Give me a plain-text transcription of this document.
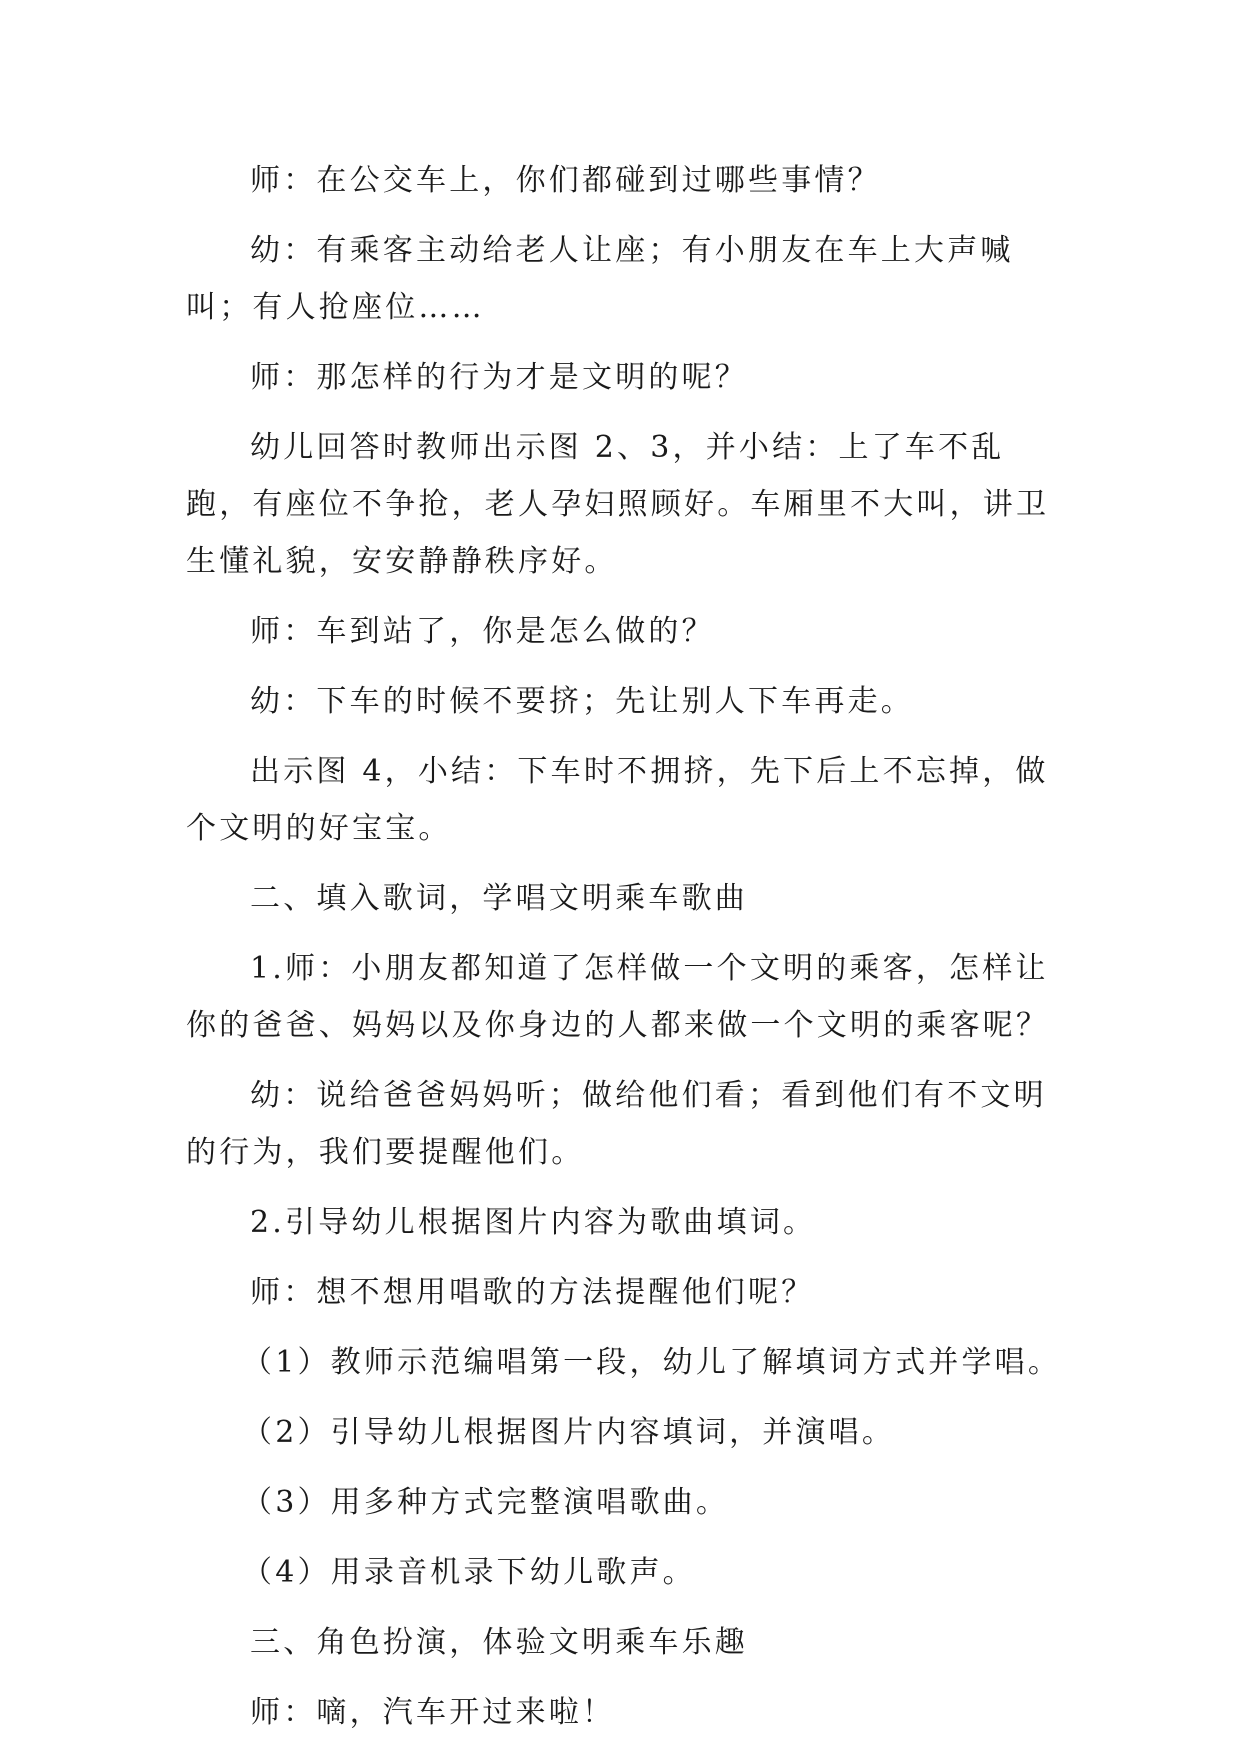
师：在公交车上，你们都碰到过哪些事情？

幼：有乘客主动给老人让座；有小朋友在车上大声喊叫；有人抢座位……

师：那怎样的行为才是文明的呢？

幼儿回答时教师出示图 2、3，并小结：上了车不乱跑，有座位不争抢，老人孕妇照顾好。车厢里不大叫，讲卫生懂礼貌，安安静静秩序好。

师：车到站了，你是怎么做的？

幼：下车的时候不要挤；先让别人下车再走。

出示图 4，小结：下车时不拥挤，先下后上不忘掉，做个文明的好宝宝。

二、填入歌词，学唱文明乘车歌曲

1.师：小朋友都知道了怎样做一个文明的乘客，怎样让你的爸爸、妈妈以及你身边的人都来做一个文明的乘客呢？

幼：说给爸爸妈妈听；做给他们看；看到他们有不文明的行为，我们要提醒他们。

2.引导幼儿根据图片内容为歌曲填词。

师：想不想用唱歌的方法提醒他们呢？

（1）教师示范编唱第一段，幼儿了解填词方式并学唱。

（2）引导幼儿根据图片内容填词，并演唱。

（3）用多种方式完整演唱歌曲。

（4）用录音机录下幼儿歌声。

三、角色扮演，体验文明乘车乐趣

师：嘀，汽车开过来啦！
